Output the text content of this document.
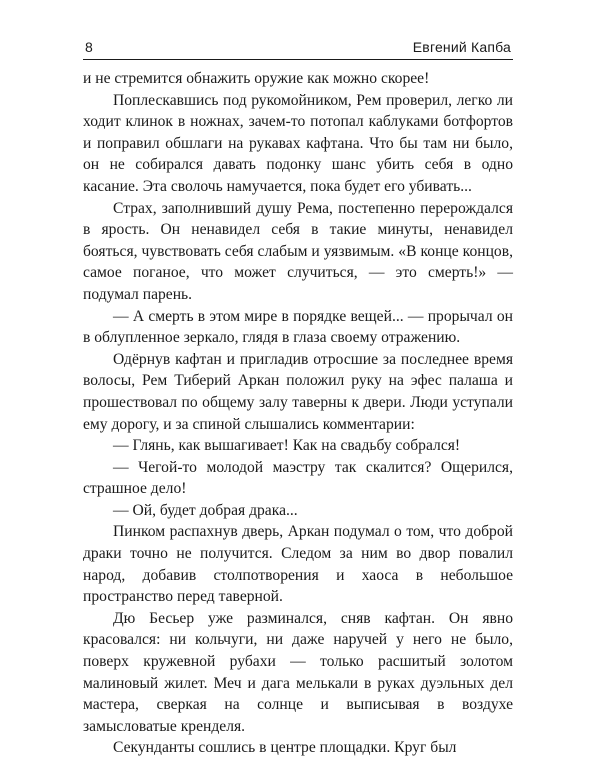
8	Евгений Капба

и не стремится обнажить оружие как можно скорее!

Поплескавшись под рукомойником, Рем проверил, легко ли ходит клинок в ножнах, зачем-то потопал каблуками ботфортов и поправил обшлаги на рукавах кафтана. Что бы там ни было, он не собирался давать подонку шанс убить себя в одно касание. Эта сволочь намучается, пока будет его убивать...

Страх, заполнивший душу Рема, постепенно перерождался в ярость. Он ненавидел себя в такие минуты, ненавидел бояться, чувствовать себя слабым и уязвимым. «В конце концов, самое поганое, что может случиться, — это смерть!» — подумал парень.

— А смерть в этом мире в порядке вещей... — прорычал он в облупленное зеркало, глядя в глаза своему отражению.

Одёрнув кафтан и пригладив отросшие за последнее время волосы, Рем Тиберий Аркан положил руку на эфес палаша и прошествовал по общему залу таверны к двери. Люди уступали ему дорогу, и за спиной слышались комментарии:

— Глянь, как вышагивает! Как на свадьбу собрался!

— Чегой-то молодой маэстру так скалится? Ощерился, страшное дело!

— Ой, будет добрая драка...

Пинком распахнув дверь, Аркан подумал о том, что доброй драки точно не получится. Следом за ним во двор повалил народ, добавив столпотворения и хаоса в небольшое пространство перед таверной.

Дю Бесьер уже разминался, сняв кафтан. Он явно красовался: ни кольчуги, ни даже наручей у него не было, поверх кружевной рубахи — только расшитый золотом малиновый жилет. Меч и дага мелькали в руках дуэльных дел мастера, сверкая на солнце и выписывая в воздухе замысловатые кренделя.

Секунданты сошлись в центре площадки. Круг был
